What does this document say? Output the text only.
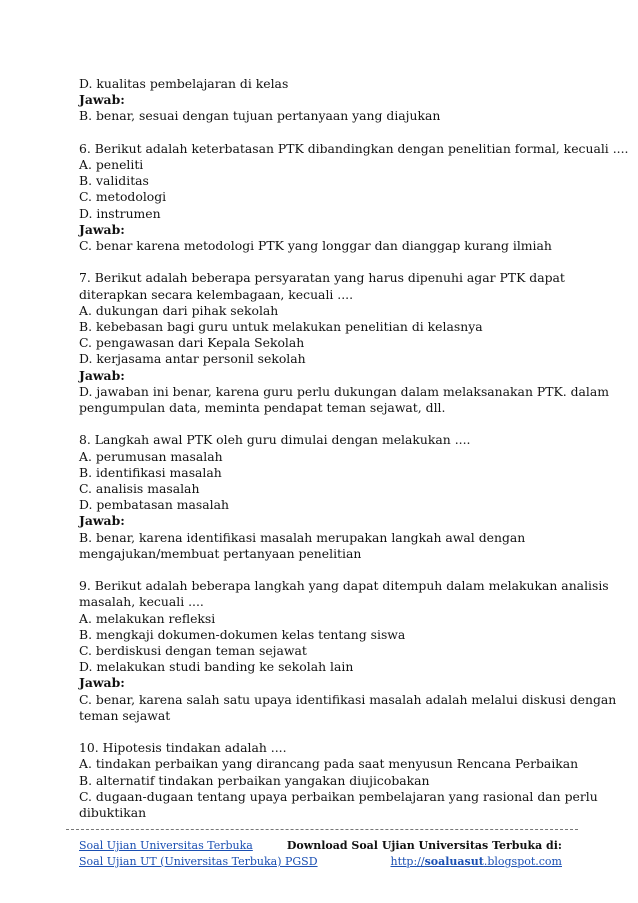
D. kualitas pembelajaran di kelas
Jawab:
B. benar, sesuai dengan tujuan pertanyaan yang diajukan
6. Berikut adalah keterbatasan PTK dibandingkan dengan penelitian formal, kecuali ....
A. peneliti
B. validitas
C. metodologi
D. instrumen
Jawab:
C. benar karena metodologi PTK yang longgar dan dianggap kurang ilmiah
7. Berikut adalah beberapa persyaratan yang harus dipenuhi agar PTK dapat
diterapkan secara kelembagaan, kecuali ....
A. dukungan dari pihak sekolah
B. kebebasan bagi guru untuk melakukan penelitian di kelasnya
C. pengawasan dari Kepala Sekolah
D. kerjasama antar personil sekolah
Jawab:
D. jawaban ini benar, karena guru perlu dukungan dalam melaksanakan PTK. dalam
pengumpulan data, meminta pendapat teman sejawat, dll.
8. Langkah awal PTK oleh guru dimulai dengan melakukan ....
A. perumusan masalah
B. identifikasi masalah
C. analisis masalah
D. pembatasan masalah
Jawab:
B. benar, karena identifikasi masalah merupakan langkah awal dengan
mengajukan/membuat pertanyaan penelitian
9. Berikut adalah beberapa langkah yang dapat ditempuh dalam melakukan analisis
masalah, kecuali ....
A. melakukan refleksi
B. mengkaji dokumen-dokumen kelas tentang siswa
C. berdiskusi dengan teman sejawat
D. melakukan studi banding ke sekolah lain
Jawab:
C. benar, karena salah satu upaya identifikasi masalah adalah melalui diskusi dengan
teman sejawat
10. Hipotesis tindakan adalah ....
A. tindakan perbaikan yang dirancang pada saat menyusun Rencana Perbaikan
B. alternatif tindakan perbaikan yangakan diujicobakan
C. dugaan-dugaan tentang upaya perbaikan pembelajaran yang rasional dan perlu
dibuktikan
Soal Ujian Universitas Terbuka
Soal Ujian UT (Universitas Terbuka) PGSD
Download Soal Ujian Universitas Terbuka di:
http://soaluasut.blogspot.com
